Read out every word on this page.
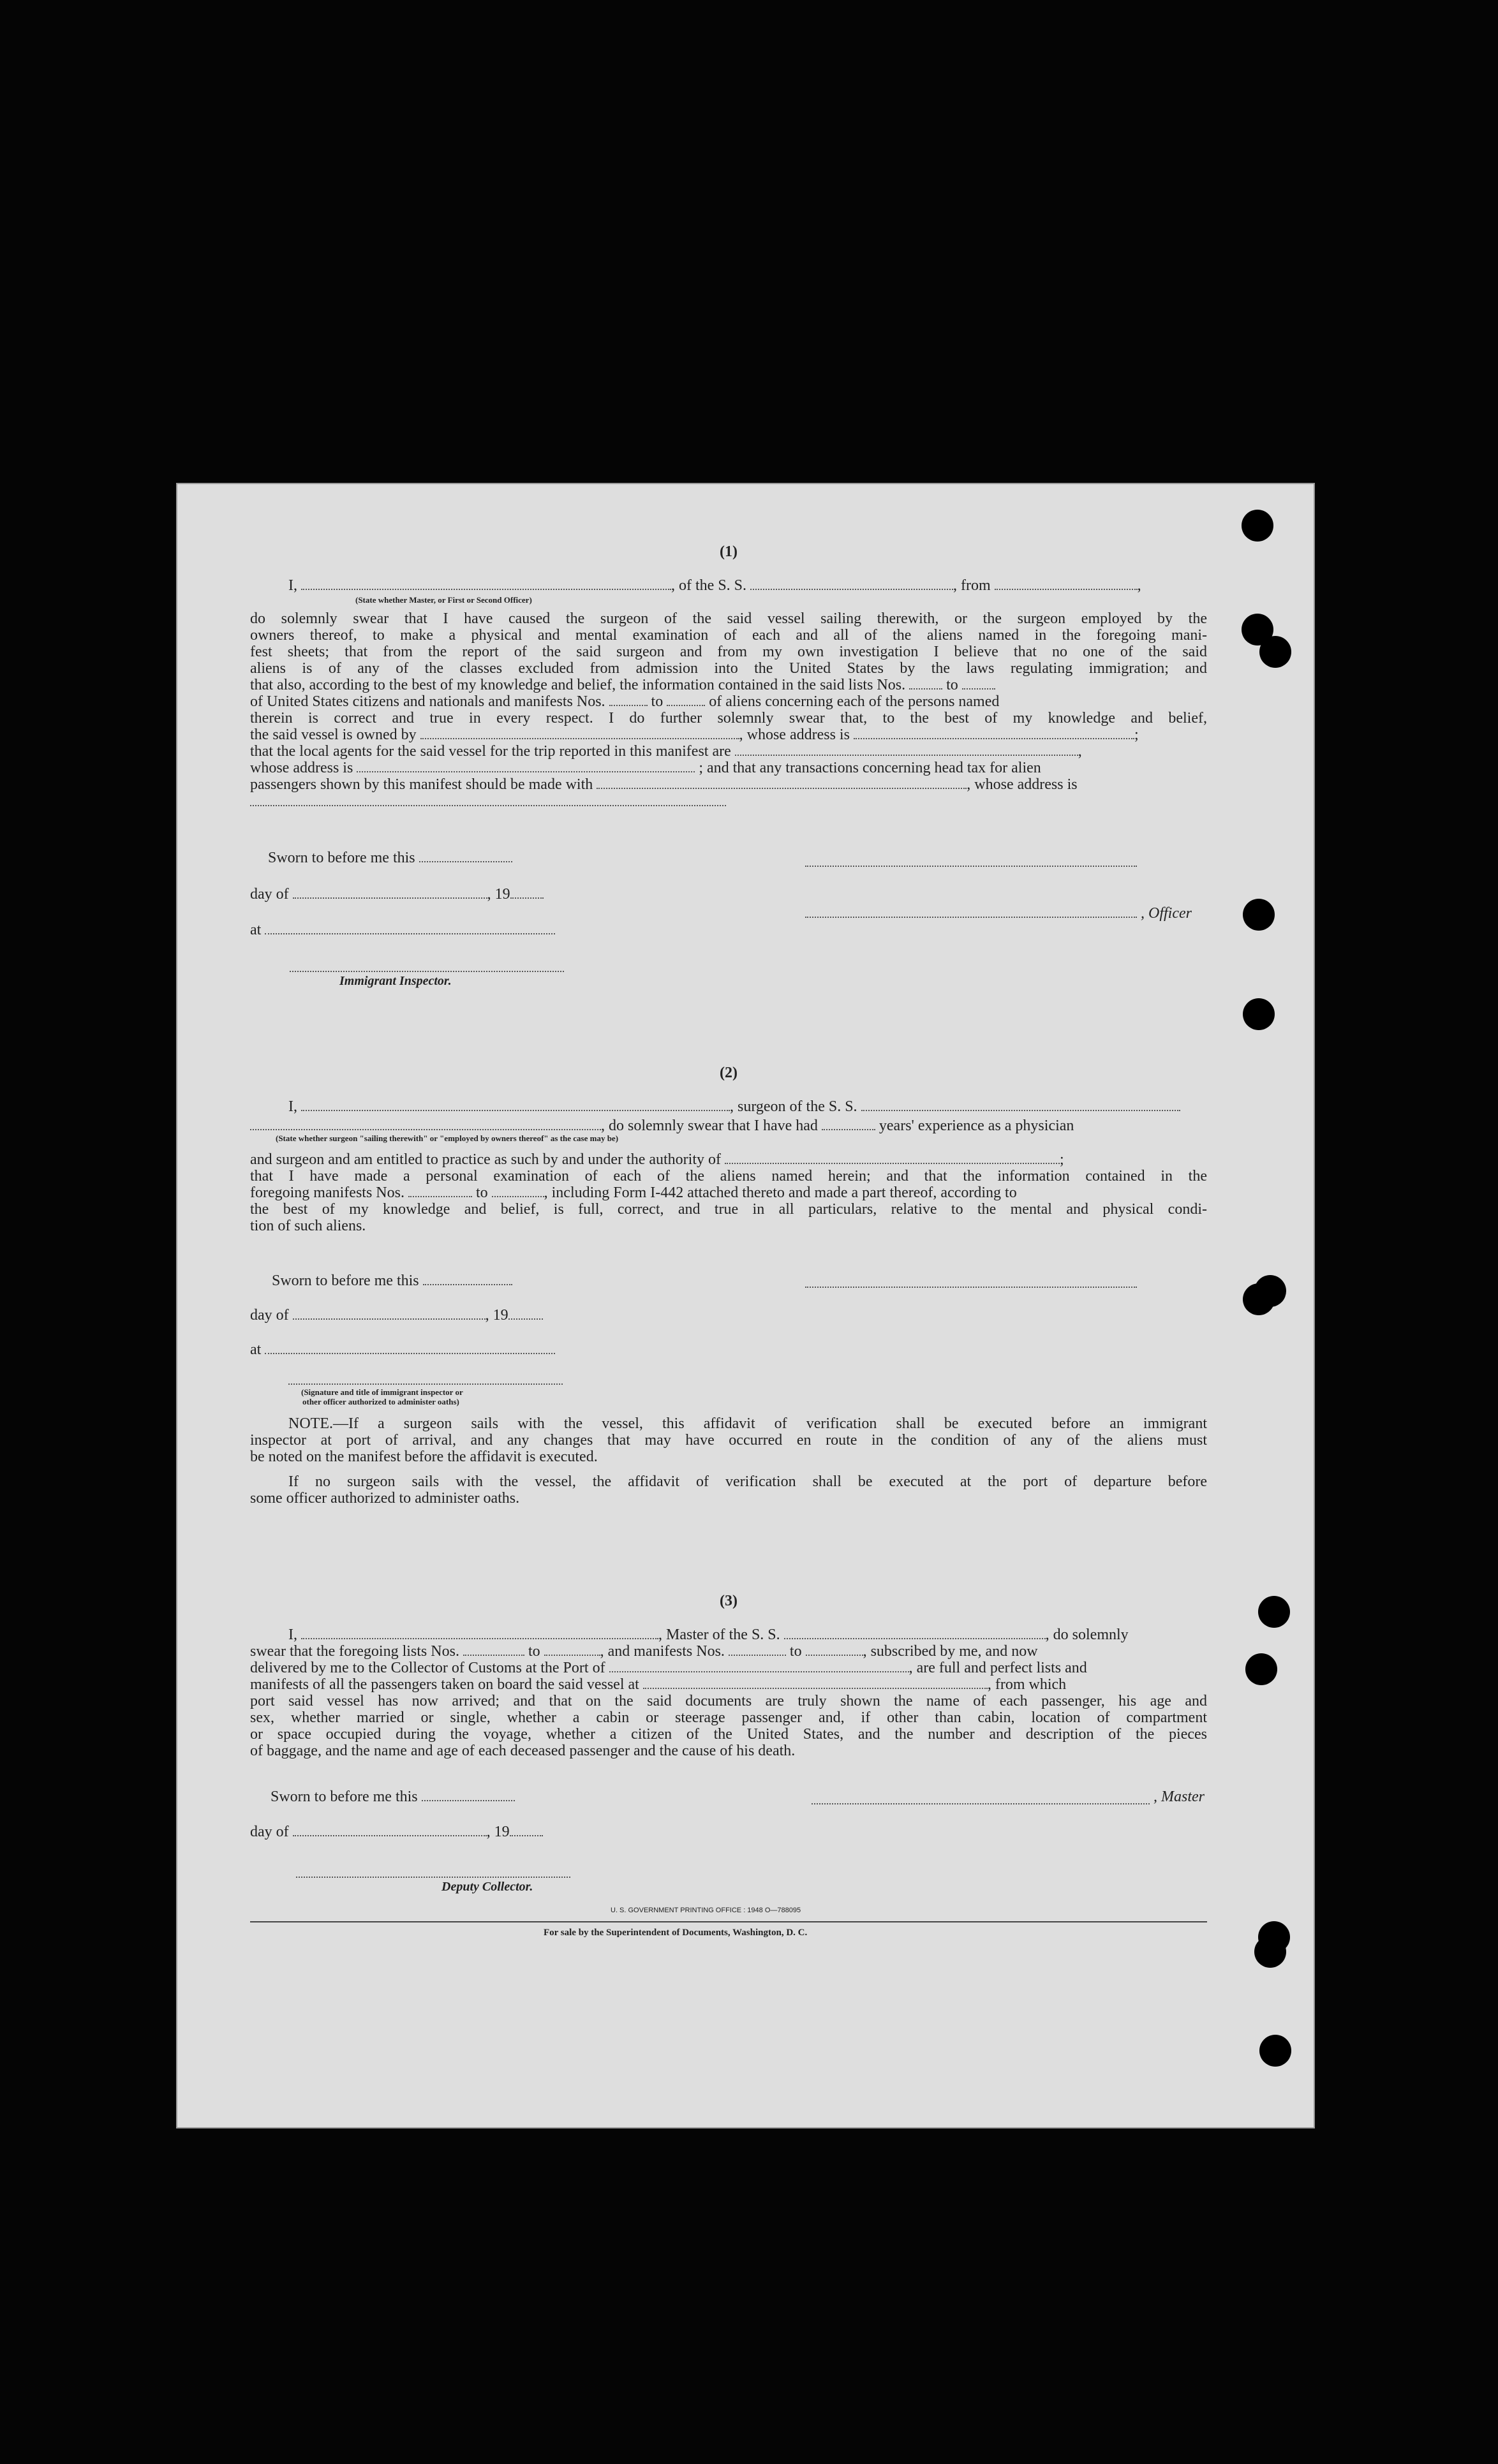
(1)
I,	, of the S. S.	, from	,
(State whether Master, or First or Second Officer)
do solemnly swear that I have caused the surgeon of the said vessel sailing therewith, or the surgeon employed by the
owners thereof, to make a physical and mental examination of each and all of the aliens named in the foregoing mani-
fest sheets; that from the report of the said surgeon and from my own investigation I believe that no one of the said
aliens is of any of the classes excluded from admission into the United States by the laws regulating immigration; and
that also, according to the best of my knowledge and belief, the information contained in the said lists Nos.	to
of United States citizens and nationals and manifests Nos.	to	of aliens concerning each of the persons named
therein is correct and true in every respect. I do further solemnly swear that, to the best of my knowledge and belief,
the said vessel is owned by	, whose address is	;
that the local agents for the said vessel for the trip reported in this manifest are	,
whose address is	; and that any transactions concerning head tax for alien
passengers shown by this manifest should be made with	, whose address is
Sworn to before me this
day of	, 19
, Officer
at
Immigrant Inspector.
(2)
I,	, surgeon of the S. S.
, do solemnly swear that I have had	years' experience as a physician
(State whether surgeon "sailing therewith" or "employed by owners thereof" as the case may be)
and surgeon and am entitled to practice as such by and under the authority of	;
that I have made a personal examination of each of the aliens named herein; and that the information contained in the
foregoing manifests Nos.	to	, including Form I-442 attached thereto and made a part thereof, according to
the best of my knowledge and belief, is full, correct, and true in all particulars, relative to the mental and physical condi-
tion of such aliens.
Sworn to before me this
day of	, 19
at
(Signature and title of immigrant inspector or
other officer authorized to administer oaths)
NOTE.—If a surgeon sails with the vessel, this affidavit of verification shall be executed before an immigrant
inspector at port of arrival, and any changes that may have occurred en route in the condition of any of the aliens must
be noted on the manifest before the affidavit is executed.
If no surgeon sails with the vessel, the affidavit of verification shall be executed at the port of departure before
some officer authorized to administer oaths.
(3)
I,	, Master of the S. S.	, do solemnly
swear that the foregoing lists Nos.	to	, and manifests Nos.	to	, subscribed by me, and now
delivered by me to the Collector of Customs at the Port of	, are full and perfect lists and
manifests of all the passengers taken on board the said vessel at	, from which
port said vessel has now arrived; and that on the said documents are truly shown the name of each passenger, his age and
sex, whether married or single, whether a cabin or steerage passenger and, if other than cabin, location of compartment
or space occupied during the voyage, whether a citizen of the United States, and the number and description of the pieces
of baggage, and the name and age of each deceased passenger and the cause of his death.
Sworn to before me this	, Master
day of	, 19
Deputy Collector.
U. S. GOVERNMENT PRINTING OFFICE : 1948 O—788095
For sale by the Superintendent of Documents, Washington, D. C.
